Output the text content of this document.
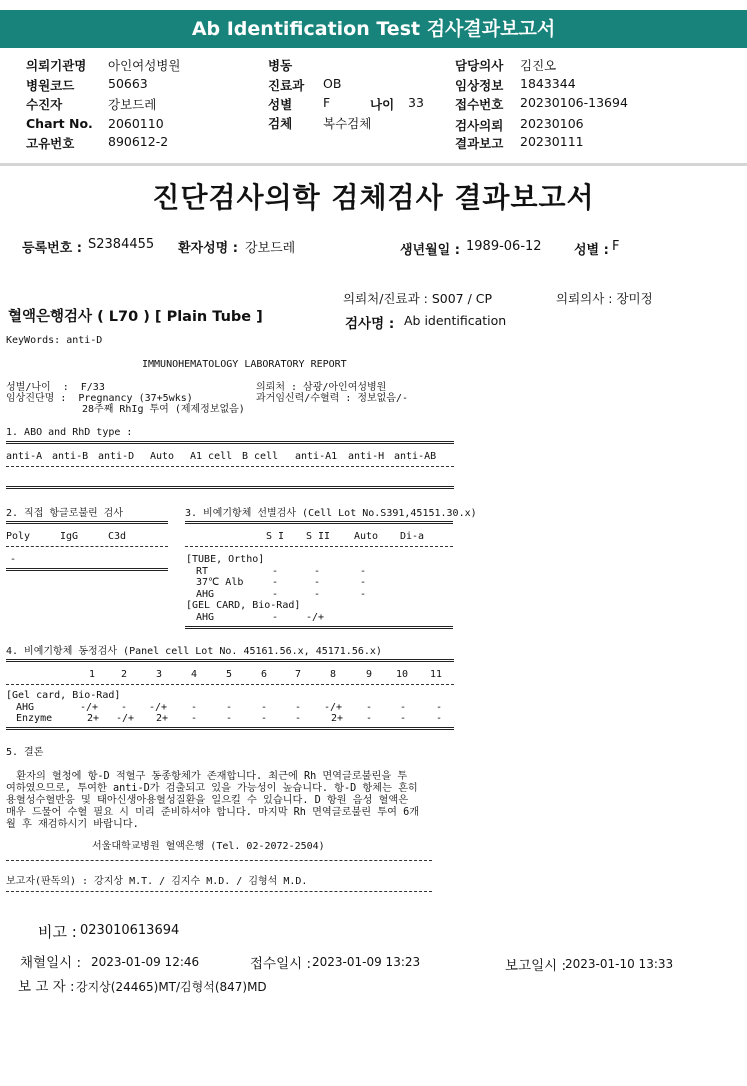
Ab Identification Test 검사결과보고서
의뢰기관명 아인여성병원
병원코드	50663
수진자	강보드레
Chart No. 2060110
고유번호	890612-2
병동
진료과 OB
성별 F	나이 33
검체 복수검체
담당의사 김진오
임상정보 1843344
접수번호 20230106-13694
검사의뢰 20230106
결과보고 20230111
진단검사의학 검체검사 결과보고서
등록번호 : S2384455 환자성명 : 강보드레	생년월일 : 1989-06-12 성별 : F
의뢰처/진료과 : S007 / CP	의뢰의사 : 장미정
혈액은행검사 ( L70 ) [ Plain Tube ]	검사명 : Ab identification
KeyWords: anti-D
IMMUNOHEMATOLOGY LABORATORY REPORT
성별/나이  :  F/33
임상진단명 :  Pregnancy (37+5wks)
28주째 RhIg 투여 (제제정보없음)
의뢰처 : 삼광/아인여성병원
과거임신력/수혈력 : 정보없음/-
1. ABO and RhD type :
anti-A anti-B anti-D Auto A1 cell B cell anti-A1 anti-H anti-AB
2. 직접 항글로불린 검사
Poly	IgG	C3d
-
3. 비예기항체 선별검사 (Cell Lot No.S391,45151.30.x)
S I S II Auto Di-a
[TUBE, Ortho]
RT	-	-	-
37℃ Alb	-	-	-
AHG	-	-	-
[GEL CARD, Bio-Rad]
AHG	-	-/+
4. 비예기항체 동정검사 (Panel cell Lot No. 45161.56.x, 45171.56.x)
1	2	3	4	5	6	7	8	9 10 11
[Gel card, Bio-Rad]
AHG	-/+ - -/+ -	-	-	- -/+ -	-	-
Enzyme	2+ -/+ 2+ -	-	-	-	2+ -	-	-
5. 결론
환자의 혈청에 항-D 적혈구 동종항체가 존재합니다. 최근에 Rh 면역글로불린을 투
여하였으므로, 투여한 anti-D가 검출되고 있을 가능성이 높습니다. 항-D 항체는 흔히
용혈성수혈반응 및 태아신생아용혈성질환을 일으킬 수 있습니다. D 항원 음성 혈액은
매우 드물어 수혈 필요 시 미리 준비하셔야 합니다. 마지막 Rh 면역글로불린 투여 6개
월 후 재검하시기 바랍니다.
서울대학교병원 혈액은행 (Tel. 02-2072-2504)
보고자(판독의) : 강지상 M.T. / 김지수 M.D. / 김형석 M.D.
비고 : 023010613694
채혈일시 : 2023-01-09 12:46	접수일시 : 2023-01-09 13:23	보고일시 :
2023-01-10 13:33
보 고 자 : 강지상(24465)MT/김형석(847)MD
